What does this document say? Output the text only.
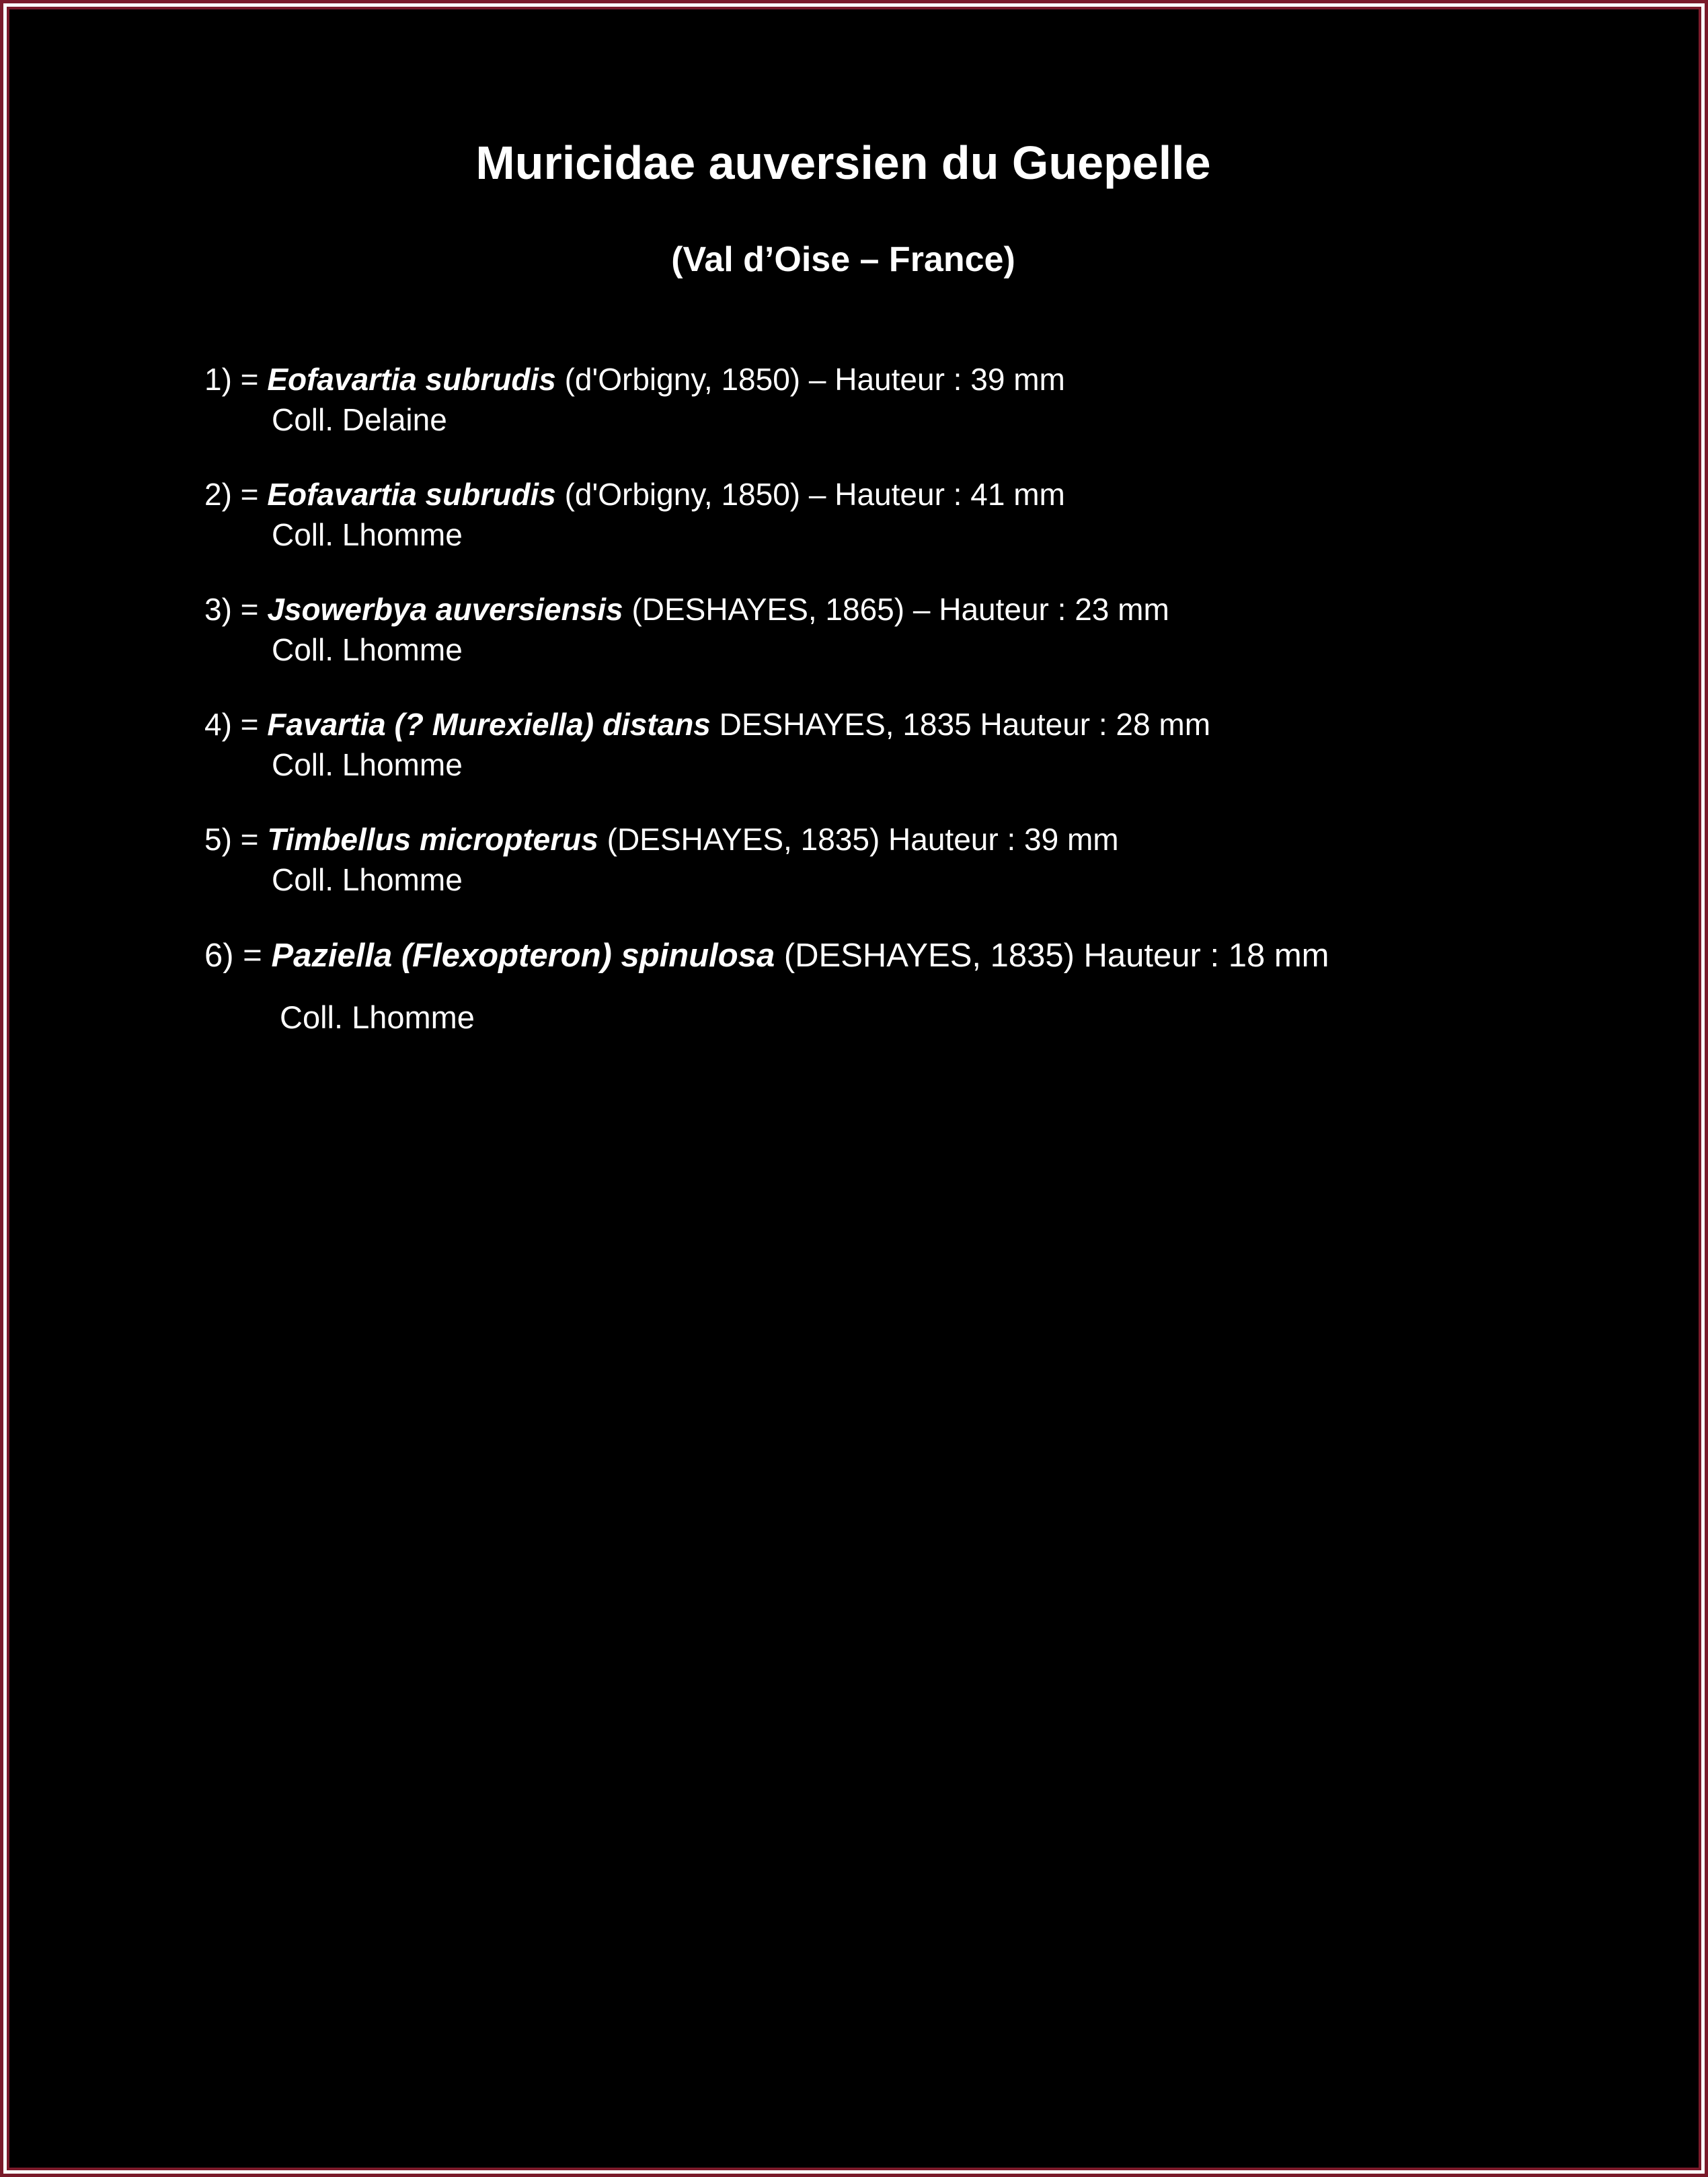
Muricidae auversien du Guepelle
(Val d’Oise – France)
1) = Eofavartia subrudis (d'Orbigny, 1850) – Hauteur : 39 mm
Coll. Delaine
2) = Eofavartia subrudis (d'Orbigny, 1850) – Hauteur : 41 mm
Coll. Lhomme
3) = Jsowerbya auversiensis (DESHAYES, 1865) – Hauteur : 23 mm
Coll. Lhomme
4) = Favartia (? Murexiella) distans DESHAYES, 1835 Hauteur : 28 mm
Coll. Lhomme
5) = Timbellus micropterus (DESHAYES, 1835) Hauteur : 39 mm
Coll. Lhomme
6) = Paziella (Flexopteron) spinulosa (DESHAYES, 1835) Hauteur : 18 mm
Coll. Lhomme
